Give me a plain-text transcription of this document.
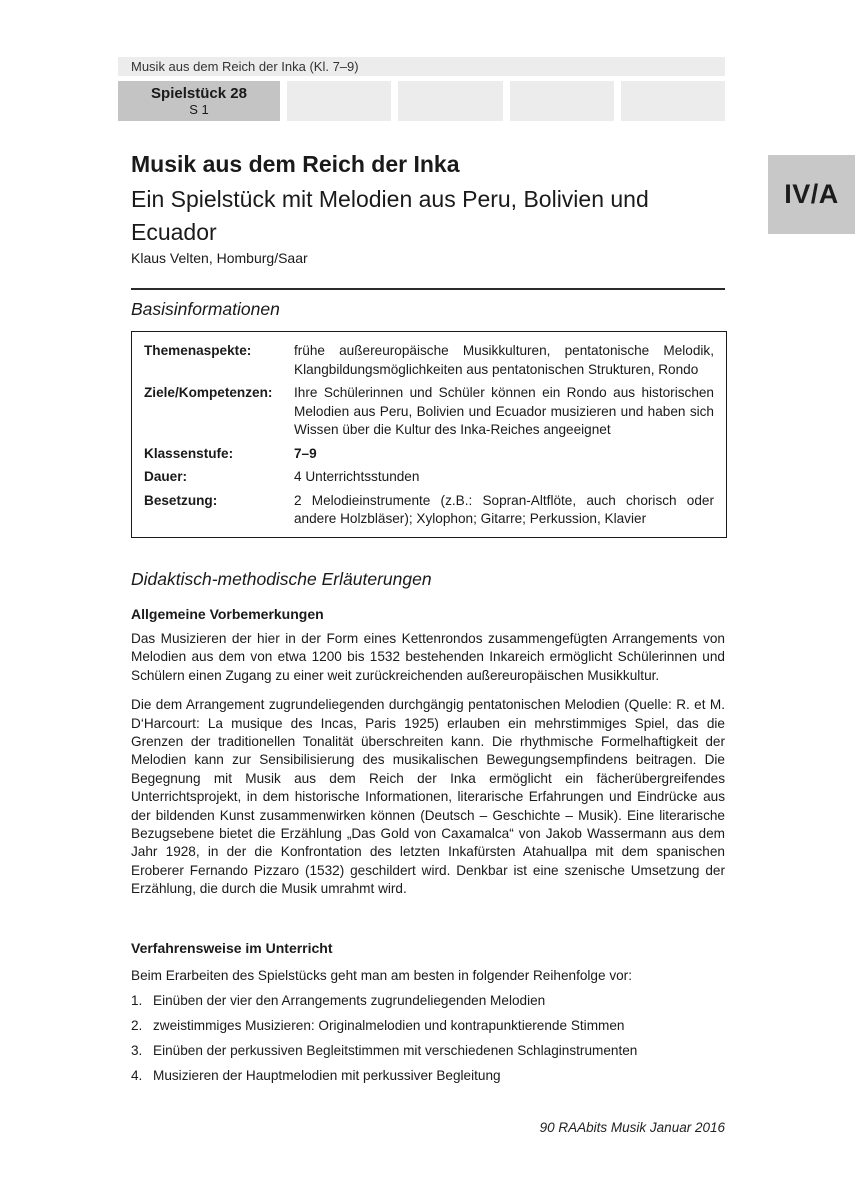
Musik aus dem Reich der Inka (Kl. 7–9)
Spielstück 28
S 1
IV/A
Musik aus dem Reich der Inka
Ein Spielstück mit Melodien aus Peru, Bolivien und Ecuador
Klaus Velten, Homburg/Saar
Basisinformationen
Themenaspekte:	frühe außereuropäische Musikkulturen, pentatonische Melodik, Klangbildungsmöglichkeiten aus pentatonischen Strukturen, Rondo
Ziele/Kompetenzen:	Ihre Schülerinnen und Schüler können ein Rondo aus historischen Melodien aus Peru, Bolivien und Ecuador musizieren und haben sich Wissen über die Kultur des Inka-Reiches angeeignet
Klassenstufe:	7–9
Dauer:	4 Unterrichtsstunden
Besetzung:	2 Melodieinstrumente (z.B.: Sopran-Altflöte, auch chorisch oder andere Holzbläser); Xylophon; Gitarre; Perkussion, Klavier
Didaktisch-methodische Erläuterungen
Allgemeine Vorbemerkungen

Das Musizieren der hier in der Form eines Kettenrondos zusammengefügten Arrangements von Melodien aus dem von etwa 1200 bis 1532 bestehenden Inkareich ermöglicht Schülerinnen und Schülern einen Zugang zu einer weit zurückreichenden außereuropäischen Musikkultur.

Die dem Arrangement zugrundeliegenden durchgängig pentatonischen Melodien (Quelle: R. et M. D‘Harcourt: La musique des Incas, Paris 1925) erlauben ein mehrstimmiges Spiel, das die Grenzen der traditionellen Tonalität überschreiten kann. Die rhythmische Formelhaftigkeit der Melodien kann zur Sensibilisierung des musikalischen Bewegungsempfindens beitragen. Die Begegnung mit Musik aus dem Reich der Inka ermöglicht ein fächerübergreifendes Unterrichtsprojekt, in dem historische Informationen, literarische Erfahrungen und Eindrücke aus der bildenden Kunst zusammenwirken können (Deutsch – Geschichte – Musik). Eine literarische Bezugsebene bietet die Erzählung „Das Gold von Caxamalca“ von Jakob Wassermann aus dem Jahr 1928, in der die Konfrontation des letzten Inkafürsten Atahuallpa mit dem spanischen Eroberer Fernando Pizzaro (1532) geschildert wird. Denkbar ist eine szenische Umsetzung der Erzählung, die durch die Musik umrahmt wird.

Verfahrensweise im Unterricht
Beim Erarbeiten des Spielstücks geht man am besten in folgender Reihenfolge vor:
1. Einüben der vier den Arrangements zugrundeliegenden Melodien
2. zweistimmiges Musizieren: Originalmelodien und kontrapunktierende Stimmen
3. Einüben der perkussiven Begleitstimmen mit verschiedenen Schlaginstrumenten
4. Musizieren der Hauptmelodien mit perkussiver Begleitung
90 RAAbits Musik Januar 2016
